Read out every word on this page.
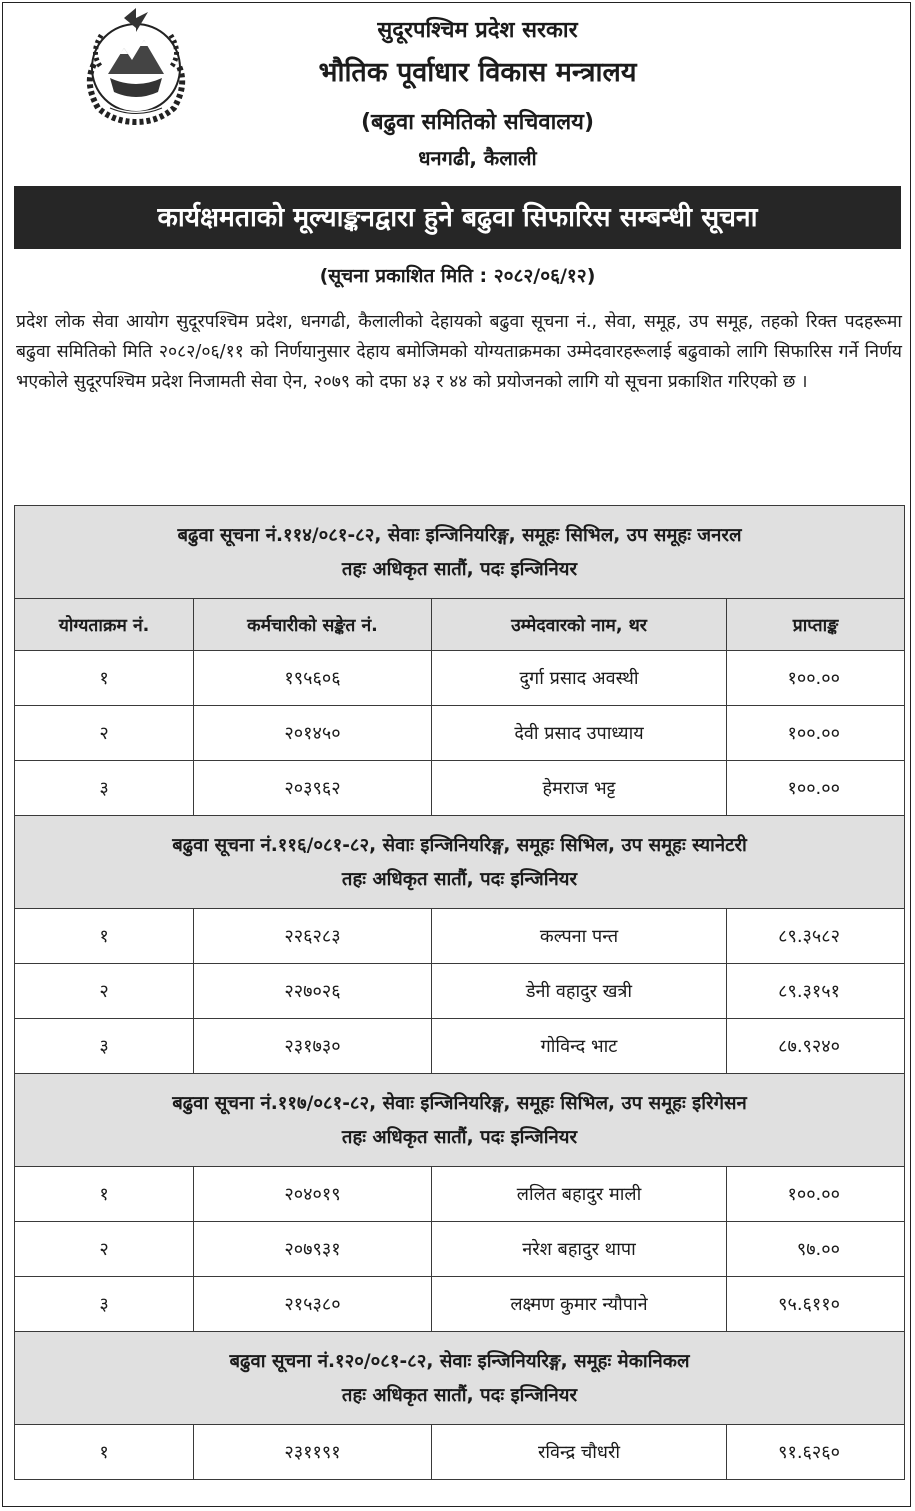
सुदूरपश्चिम प्रदेश सरकार
भौतिक पूर्वाधार विकास मन्त्रालय
(बढुवा समितिको सचिवालय)
धनगढी, कैलाली
कार्यक्षमताको मूल्याङ्कनद्वारा हुने बढुवा सिफारिस सम्बन्धी सूचना
(सूचना प्रकाशित मिति : २०८२/०६/१२)
प्रदेश लोक सेवा आयोग सुदूरपश्चिम प्रदेश, धनगढी, कैलालीको देहायको बढुवा सूचना नं., सेवा, समूह, उप समूह, तहको रिक्त पदहरूमा बढुवा समितिको मिति २०८२/०६/११ को निर्णयानुसार देहाय बमोजिमको योग्यताक्रमका उम्मेदवारहरूलाई बढुवाको लागि सिफारिस गर्ने निर्णय भएकोले सुदूरपश्चिम प्रदेश निजामती सेवा ऐन, २०७९ को दफा ४३ र ४४ को प्रयोजनको लागि यो सूचना प्रकाशित गरिएको छ ।
बढुवा सूचना नं.११४/०८१-८२, सेवाः इन्जिनियरिङ्ग, समूहः सिभिल, उप समूहः जनरल
तहः अधिकृत सातौं, पदः इन्जिनियर			

योग्यताक्रम नं.	कर्मचारीको सङ्केत नं.	उम्मेदवारको नाम, थर	प्राप्ताङ्क
१	१९५६०६	दुर्गा प्रसाद अवस्थी	१००.००
२	२०१४५०	देवी प्रसाद उपाध्याय	१००.००
३	२०३९६२	हेमराज भट्ट	१००.००

बढुवा सूचना नं.११६/०८१-८२, सेवाः इन्जिनियरिङ्ग, समूहः सिभिल, उप समूहः स्यानेटरी
तहः अधिकृत सातौं, पदः इन्जिनियर			

१	२२६२८३	कल्पना पन्त	८९.३५८२
२	२२७०२६	डेनी वहादुर खत्री	८९.३१५१
३	२३१७३०	गोविन्द भाट	८७.९२४०

बढुवा सूचना नं.११७/०८१-८२, सेवाः इन्जिनियरिङ्ग, समूहः सिभिल, उप समूहः इरिगेसन
तहः अधिकृत सातौं, पदः इन्जिनियर			

१	२०४०१९	ललित बहादुर माली	१००.००
२	२०७९३१	नरेश बहादुर थापा	९७.००
३	२१५३८०	लक्ष्मण कुमार न्यौपाने	९५.६११०

बढुवा सूचना नं.१२०/०८१-८२, सेवाः इन्जिनियरिङ्ग, समूहः मेकानिकल
तहः अधिकृत सातौं, पदः इन्जिनियर			

१	२३११९१	रविन्द्र चौधरी	९१.६२६०
